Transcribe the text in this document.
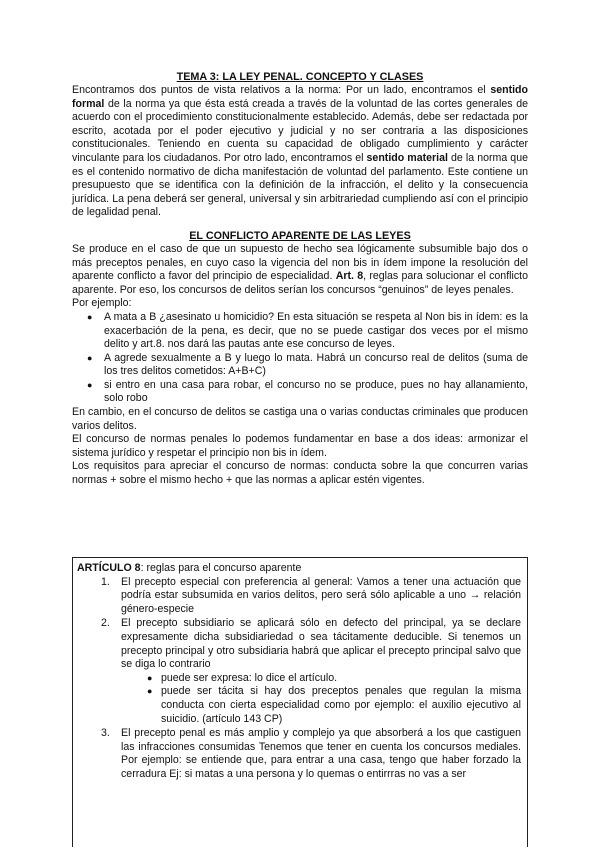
TEMA 3: LA LEY PENAL. CONCEPTO Y CLASES

Encontramos dos puntos de vista relativos a la norma: Por un lado, encontramos el sentido formal de la norma ya que ésta está creada a través de la voluntad de las cortes generales de acuerdo con el procedimiento constitucionalmente establecido. Además, debe ser redactada por escrito, acotada por el poder ejecutivo y judicial y no ser contraria a las disposiciones constitucionales. Teniendo en cuenta su capacidad de obligado cumplimiento y carácter vinculante para los ciudadanos. Por otro lado, encontramos el sentido material de la norma que es el contenido normativo de dicha manifestación de voluntad del parlamento. Este contiene un presupuesto que se identifica con la definición de la infracción, el delito y la consecuencia jurídica. La pena deberá ser general, universal y sin arbitrariedad cumpliendo así con el principio de legalidad penal.

EL CONFLICTO APARENTE DE LAS LEYES

Se produce en el caso de que un supuesto de hecho sea lógicamente subsumible bajo dos o más preceptos penales, en cuyo caso la vigencia del non bis in ídem impone la resolución del aparente conflicto a favor del principio de especialidad. Art. 8, reglas para solucionar el conflicto aparente. Por eso, los concursos de delitos serían los concursos “genuinos” de leyes penales.

Por ejemplo:

● A mata a B ¿asesinato u homicidio? En esta situación se respeta al Non bis in ídem: es la exacerbación de la pena, es decir, que no se puede castigar dos veces por el mismo delito y art.8. nos dará las pautas ante ese concurso de leyes.
● A agrede sexualmente a B y luego lo mata. Habrá un concurso real de delitos (suma de los tres delitos cometidos: A+B+C)
● si entro en una casa para robar, el concurso no se produce, pues no hay allanamiento, solo robo

En cambio, en el concurso de delitos se castiga una o varias conductas criminales que producen varios delitos.

El concurso de normas penales lo podemos fundamentar en base a dos ideas: armonizar el sistema jurídico y respetar el principio non bis in ídem.

Los requisitos para apreciar el concurso de normas: conducta sobre la que concurren varias normas + sobre el mismo hecho + que las normas a aplicar estén vigentes.

ARTÍCULO 8: reglas para el concurso aparente

1. El precepto especial con preferencia al general: Vamos a tener una actuación que podría estar subsumida en varios delitos, pero será sólo aplicable a uno → relación género-especie
2. El precepto subsidiario se aplicará sólo en defecto del principal, ya se declare expresamente dicha subsidiariedad o sea tácitamente deducible. Si tenemos un precepto principal y otro subsidiaria habrá que aplicar el precepto principal salvo que se diga lo contrario
● puede ser expresa: lo dice el artículo.
● puede ser tácita si hay dos preceptos penales que regulan la misma conducta con cierta especialidad como por ejemplo: el auxilio ejecutivo al suicidio. (artículo 143 CP)
3. El precepto penal es más amplio y complejo ya que absorberá a los que castiguen las infracciones consumidas Tenemos que tener en cuenta los concursos mediales. Por ejemplo: se entiende que, para entrar a una casa, tengo que haber forzado la cerradura Ej: si matas a una persona y lo quemas o entirrras no vas a ser
